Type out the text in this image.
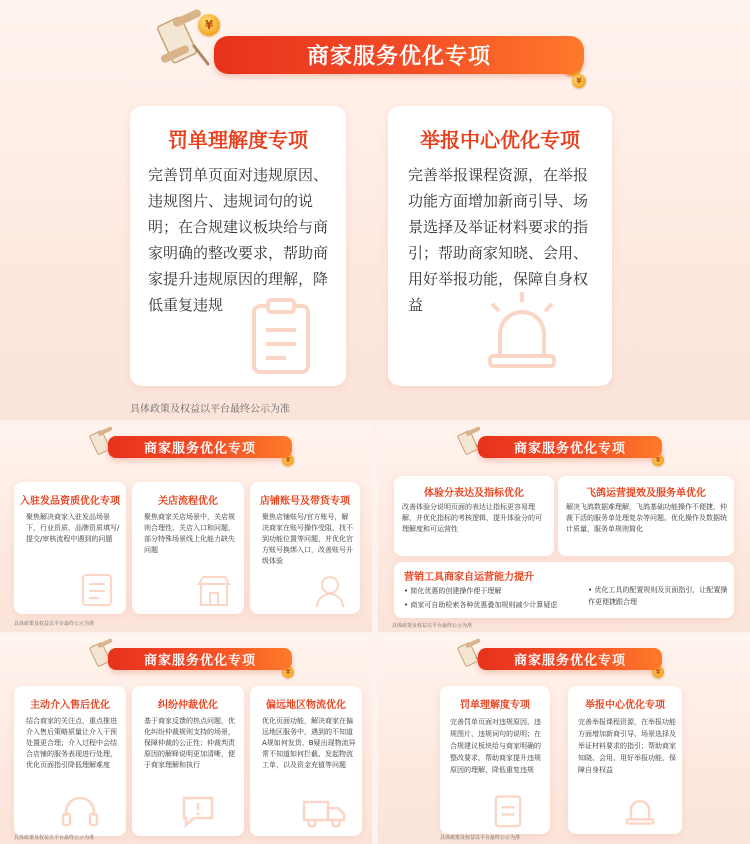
¥
¥
¥
商家服务优化专项
罚单理解度专项
完善罚单页面对违规原因、违规图片、违规词句的说明；在合规建议板块给与商家明确的整改要求，帮助商家提升违规原因的理解，降低重复违规
举报中心优化专项
完善举报课程资源，在举报功能方面增加新商引导、场景选择及举证材料要求的指引；帮助商家知晓、会用、用好举报功能，保障自身权益
具体政策及权益以平台最终公示为准
¥
商家服务优化专项
入驻发品资质优化专项
聚焦解决商家入驻发品场景下，行业资质、品牌资质填写/提交/审核流程中遇到的问题
关店流程优化
聚焦商家关店场景中，关店规则合理性、关店入口和问题，部分特殊场景线上化能力缺失问题
店铺账号及带货专项
聚焦店铺账号/官方账号，解决商家在账号操作受阻、找不到功能位置等问题，并优化官方账号换绑入口，改善账号升级体验
具体政策及权益以平台最终公示为准
¥
商家服务优化专项
体验分表达及指标优化
改善体验分说明页面的表达让指标更容易理解，并优化指标的考核逻辑，提升体验分的可理解度和可运营性
飞鸽运营提效及服务单优化
解决飞鸽数据难理解，飞鸽基础功能操作不便捷、仲裁下活的服务单处理复杂等问题。优化操作及数据统计质量，服务单规则简化
营销工具商家自运营能力提升
• 简化优惠的创建操作便于理解
• 商家可自助检索各种优惠叠加规则减少计算疑虑
• 优化工具的配置规则及页面指引，让配置操作更便捷跟合理
具体政策及权益以平台最终公示为准
¥
商家服务优化专项
主动介入售后优化
结合商家的关注点，重点推进介入售后策略质量让介入干预处置更合理；介入过程中会结合店铺的服务表现进行处理，优化页面指引降低理解难度
纠纷仲裁优化
基于商家反馈的热点问题，优化纠纷仲裁规则支持的场景，保障仲裁的公正性；仲裁判责原因的解释说明更加清晰，便于商家理解和执行
偏远地区物流优化
优化页面功能，解决商家在偏远地区服务中，遇到的不知道A规如何发货、B疑出现物流异常不知道如何拦截、发起物流工单，以及资金充值等问题
具体政策及权益以平台最终公示为准
¥
商家服务优化专项
罚单理解度专项
完善罚单页面对违规原因、违规图片、违规词句的说明；在合规建议板块给与商家明确的整改要求，帮助商家提升违规原因的理解，降低重复违规
举报中心优化专项
完善举报课程资源，在举报功能方面增加新商引导、场景选择及举证材料要求的指引；帮助商家知晓、会用、用好举报功能，保障自身权益
具体政策及权益以平台最终公示为准
